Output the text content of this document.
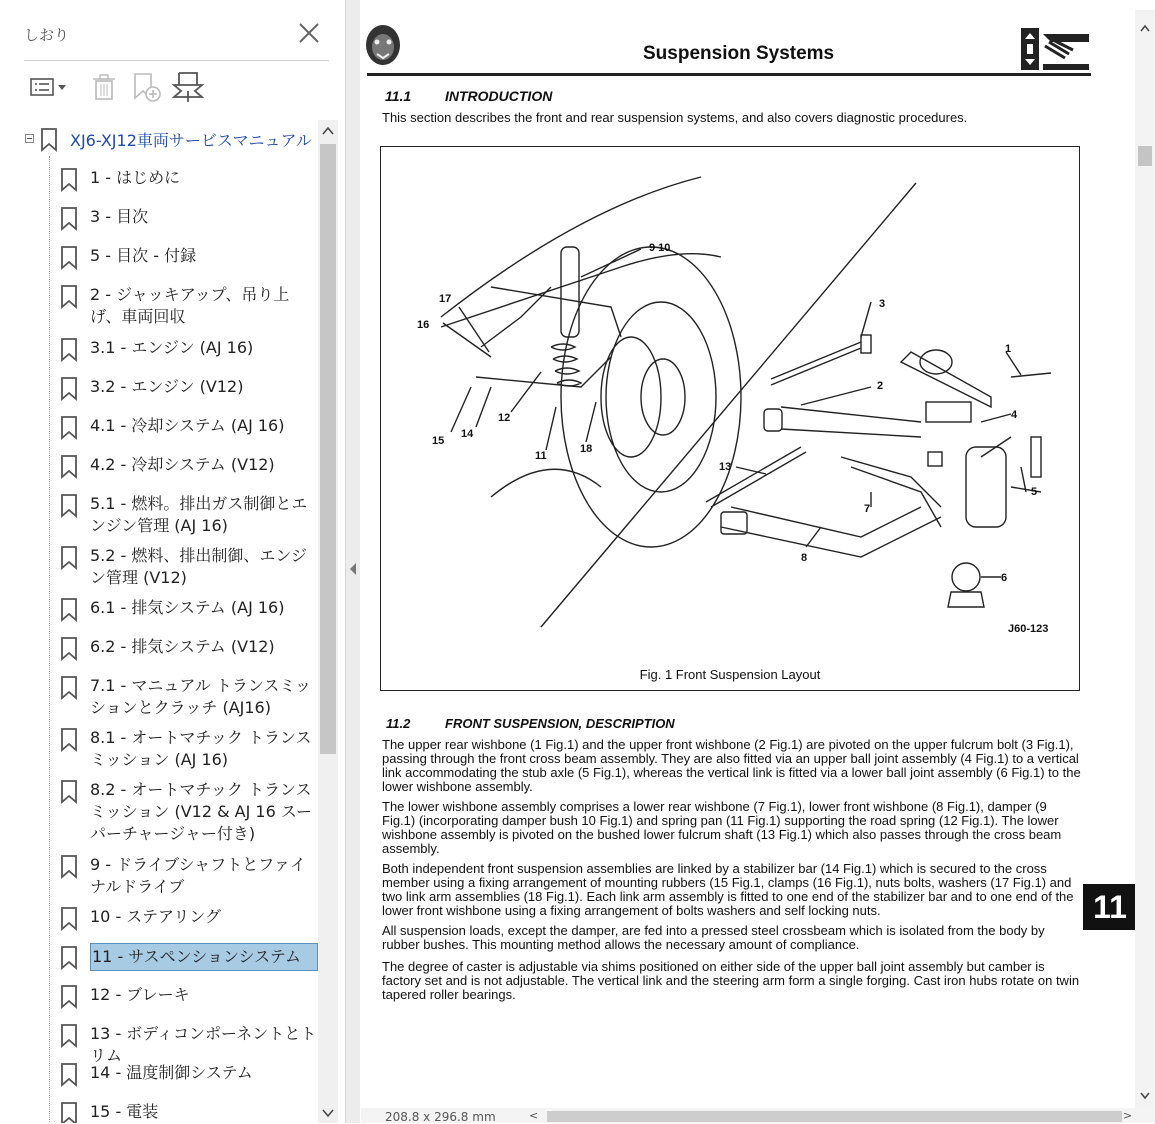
しおり
XJ6-XJ12車両サービスマニュアル
1 - はじめに
3 - 目次
5 - 目次 - 付録
2 - ジャッキアップ、吊り上げ、車両回収
3.1 - エンジン (AJ 16)
3.2 - エンジン (V12)
4.1 - 冷却システム (AJ 16)
4.2 - 冷却システム (V12)
5.1 - 燃料。排出ガス制御とエンジン管理 (AJ 16)
5.2 - 燃料、排出制御、エンジン管理 (V12)
6.1 - 排気システム (AJ 16)
6.2 - 排気システム (V12)
7.1 - マニュアル トランスミッションとクラッチ (AJ16)
8.1 - オートマチック トランスミッション (AJ 16)
8.2 - オートマチック トランスミッション (V12 & AJ 16 スーパーチャージャー付き)
9 - ドライブシャフトとファイナルドライブ
10 - ステアリング
11 - サスペンションシステム
12 - ブレーキ
13 - ボディコンポーネントとトリム
14 - 温度制御システム
15 - 電装
Suspension Systems
11.1 INTRODUCTION
This section describes the front and rear suspension systems, and also covers diagnostic procedures.
9 10
17
16
15
14
12
11
18
3
2
1
4
13
7
8
5
6
J60-123
Fig. 1 Front Suspension Layout
11.2	FRONT SUSPENSION, DESCRIPTION
The upper rear wishbone (1 Fig.1) and the upper front wishbone (2 Fig.1) are pivoted on the upper fulcrum bolt (3 Fig.1), passing through the front cross beam assembly. They are also fitted via an upper ball joint assembly (4 Fig.1) to a vertical link accommodating the stub axle (5 Fig.1), whereas the vertical link is fitted via a lower ball joint assembly (6 Fig.1) to the lower wishbone assembly.
The lower wishbone assembly comprises a lower rear wishbone (7 Fig.1), lower front wishbone (8 Fig.1), damper (9 Fig.1) (incorporating damper bush 10 Fig.1) and spring pan (11 Fig.1) supporting the road spring (12 Fig.1). The lower wishbone assembly is pivoted on the bushed lower fulcrum shaft (13 Fig.1) which also passes through the cross beam assembly.
Both independent front suspension assemblies are linked by a stabilizer bar (14 Fig.1) which is secured to the cross member using a fixing arrangement of mounting rubbers (15 Fig.1, clamps (16 Fig.1), nuts bolts, washers (17 Fig.1) and two link arm assemblies (18 Fig.1). Each link arm assembly is fitted to one end of the stabilizer bar and to one end of the lower front wishbone using a fixing arrangement of bolts washers and self locking nuts.
All suspension loads, except the damper, are fed into a pressed steel crossbeam which is isolated from the body by rubber bushes. This mounting method allows the necessary amount of compliance.
The degree of caster is adjustable via shims positioned on either side of the upper ball joint assembly but camber is factory set and is not adjustable. The vertical link and the steering arm form a single forging. Cast iron hubs rotate on twin tapered roller bearings.
11
208.8 x 296.8 mm	<	>
